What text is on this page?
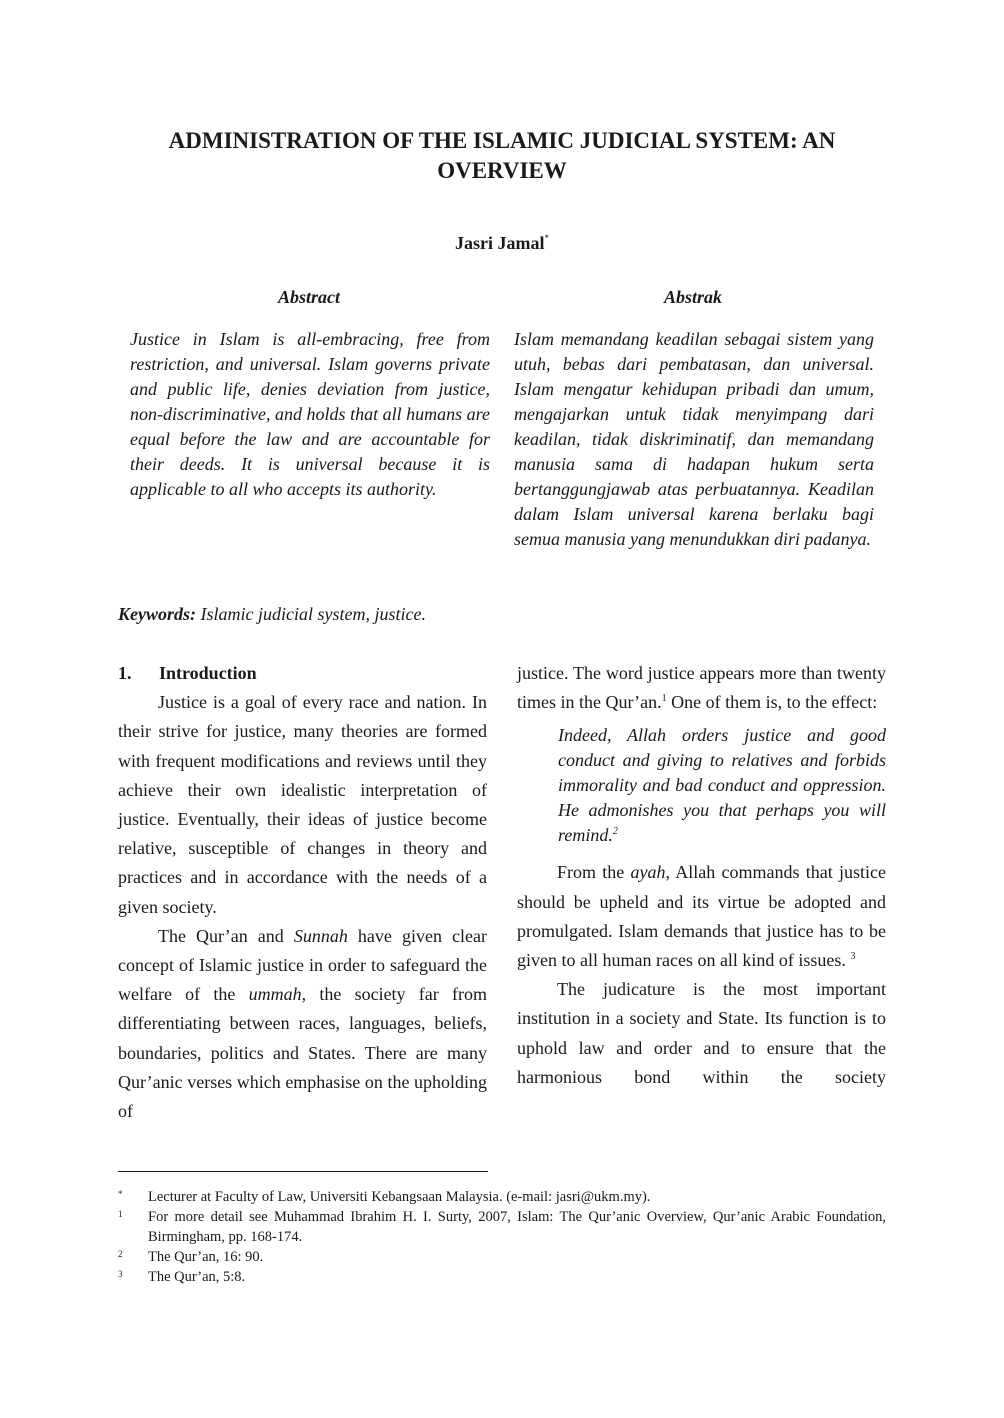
ADMINISTRATION OF THE ISLAMIC JUDICIAL SYSTEM: AN
OVERVIEW
Jasri Jamal*
Abstract

Justice in Islam is all-embracing, free from restriction, and universal. Islam governs private and public life, denies deviation from justice, non-discriminative, and holds that all humans are equal before the law and are accountable for their deeds. It is universal because it is applicable to all who accepts its authority.

Abstrak

Islam memandang keadilan sebagai sistem yang utuh, bebas dari pembatasan, dan universal. Islam mengatur kehidupan pribadi dan umum, mengajarkan untuk tidak menyimpang dari keadilan, tidak diskriminatif, dan memandang manusia sama di hadapan hukum serta bertanggungjawab atas perbuatannya. Keadilan dalam Islam universal karena berlaku bagi semua manusia yang menundukkan diri padanya.

Keywords: Islamic judicial system, justice.

1. Introduction

Justice is a goal of every race and nation. In their strive for justice, many theories are formed with frequent modifications and reviews until they achieve their own idealistic interpretation of justice. Eventually, their ideas of justice become relative, susceptible of changes in theory and practices and in accordance with the needs of a given society.

The Qur’an and Sunnah have given clear concept of Islamic justice in order to safeguard the welfare of the ummah, the society far from differentiating between races, languages, beliefs, boundaries, politics and States. There are many Qur’anic verses which emphasise on the upholding of

justice. The word justice appears more than twenty times in the Qur’an.$^1$ One of them is, to the effect:

Indeed, Allah orders justice and good conduct and giving to relatives and forbids immorality and bad conduct and oppression. He admonishes you that perhaps you will remind.$^2$

From the ayah, Allah commands that justice should be upheld and its virtue be adopted and promulgated. Islam demands that justice has to be given to all human races on all kind of issues. $^3$

The judicature is the most important institution in a society and State. Its function is to uphold law and order and to ensure that the harmonious bond within the society

*	Lecturer at Faculty of Law, Universiti Kebangsaan Malaysia. (e-mail: jasri@ukm.my).
1	For more detail see Muhammad Ibrahim H. I. Surty, 2007, Islam: The Qur’anic Overview, Qur’anic Arabic Foundation, Birmingham, pp. 168-174.
2	The Qur’an, 16: 90.
3	The Qur’an, 5:8.
